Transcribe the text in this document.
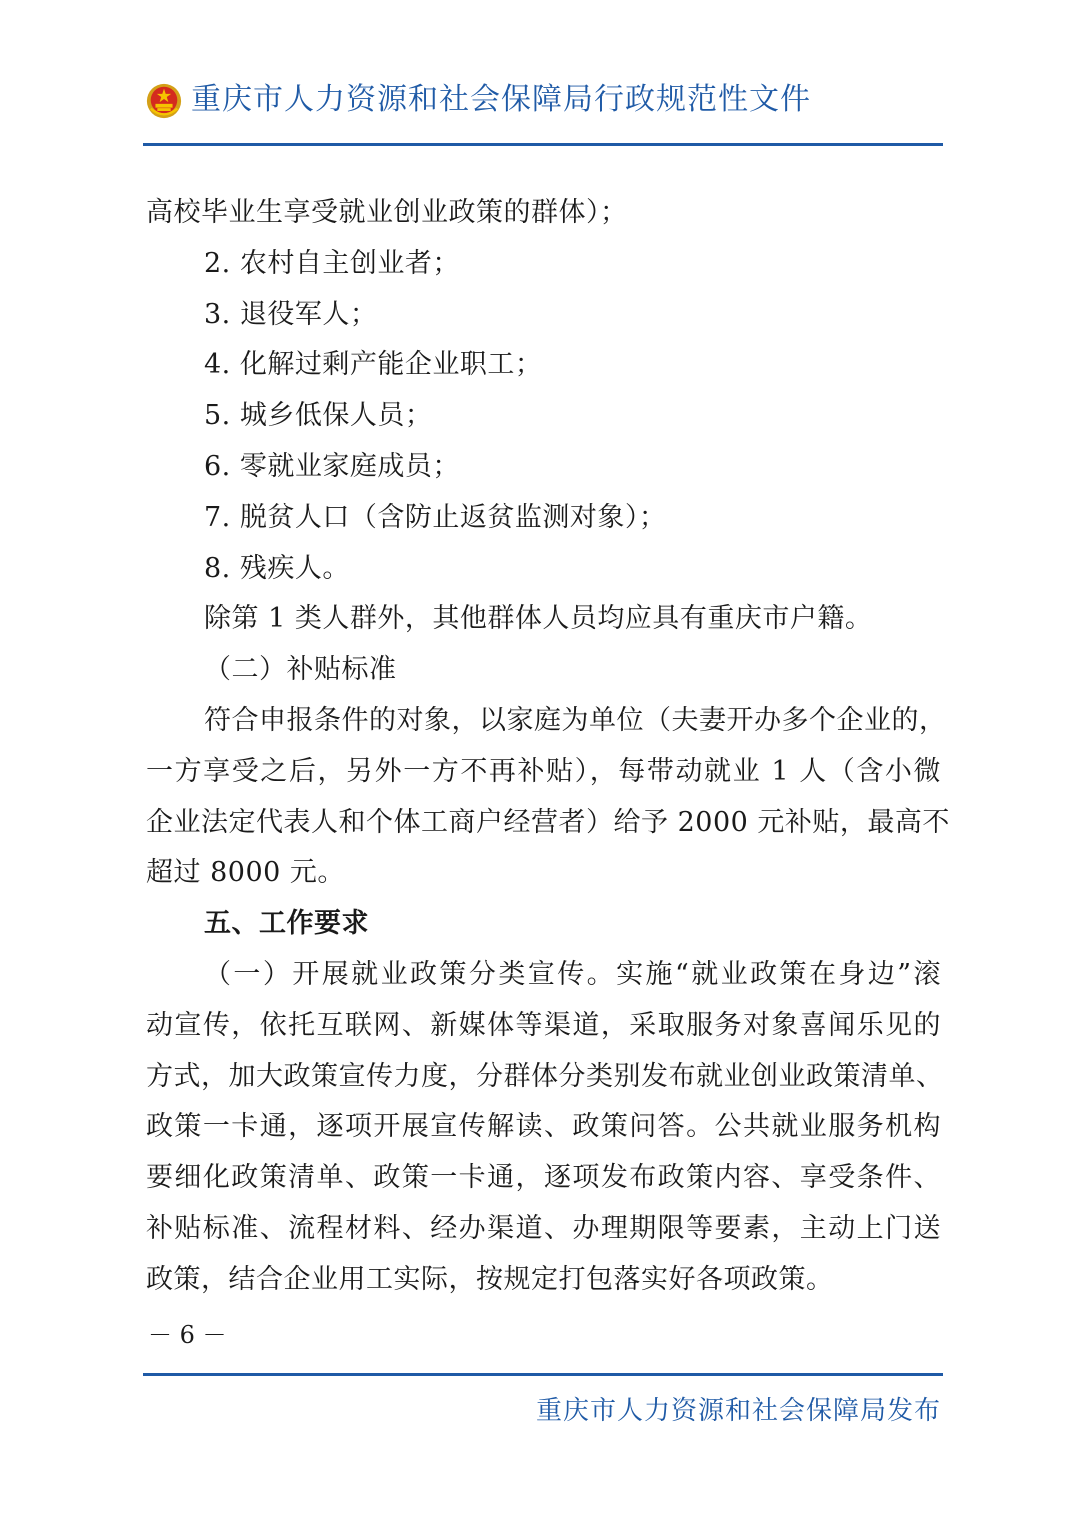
重庆市人力资源和社会保障局行政规范性文件
高校毕业生享受就业创业政策的群体）；
2. 农村自主创业者；
3. 退役军人；
4. 化解过剩产能企业职工；
5. 城乡低保人员；
6. 零就业家庭成员；
7. 脱贫人口（含防止返贫监测对象）；
8. 残疾人。
除第 1 类人群外，其他群体人员均应具有重庆市户籍。
（二）补贴标准
符合申报条件的对象，以家庭为单位（夫妻开办多个企业的，
一方享受之后，另外一方不再补贴），每带动就业 1 人（含小微
企业法定代表人和个体工商户经营者）给予 2000 元补贴，最高不
超过 8000 元。
五、工作要求
（一）开展就业政策分类宣传。实施“就业政策在身边”滚
动宣传，依托互联网、新媒体等渠道，采取服务对象喜闻乐见的
方式，加大政策宣传力度，分群体分类别发布就业创业政策清单、
政策一卡通，逐项开展宣传解读、政策问答。公共就业服务机构
要细化政策清单、政策一卡通，逐项发布政策内容、享受条件、
补贴标准、流程材料、经办渠道、办理期限等要素，主动上门送
政策，结合企业用工实际，按规定打包落实好各项政策。
－ 6 －
重庆市人力资源和社会保障局发布
